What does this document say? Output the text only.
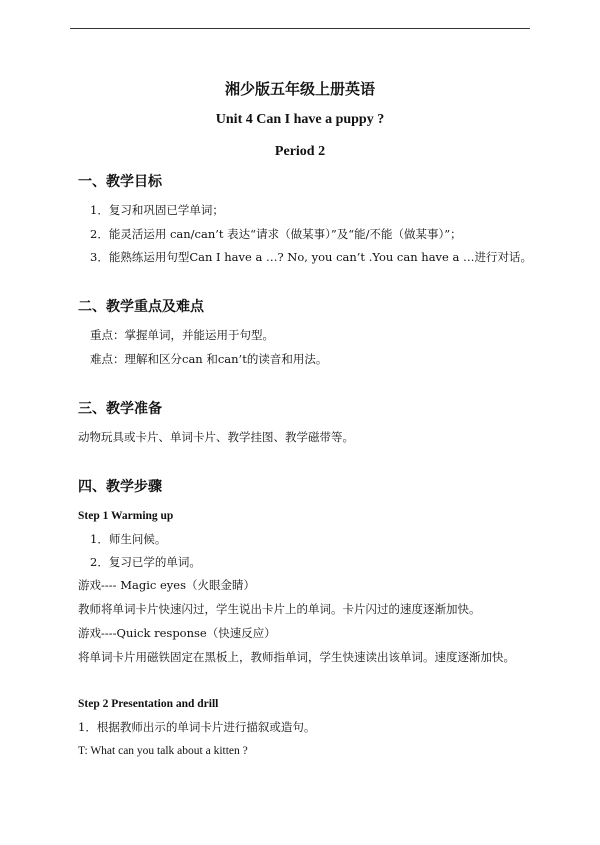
湘少版五年级上册英语
Unit 4 Can I have a puppy ?
Period 2
一、教学目标
1．复习和巩固已学单词；
2．能灵活运用 can/can’t 表达“请求（做某事）”及“能/不能（做某事）”；
3．能熟练运用句型Can I have a …? No, you can’t .You can have a …进行对话。
二、教学重点及难点
重点：掌握单词，并能运用于句型。
难点：理解和区分can 和can’t的读音和用法。
三、教学准备
动物玩具或卡片、单词卡片、教学挂图、教学磁带等。
四、教学步骤
Step 1 Warming up
1．师生问候。
2．复习已学的单词。
游戏---- Magic eyes（火眼金睛）
教师将单词卡片快速闪过，学生说出卡片上的单词。卡片闪过的速度逐渐加快。
游戏----Quick response（快速反应）
将单词卡片用磁铁固定在黑板上，教师指单词，学生快速读出该单词。速度逐渐加快。
Step 2 Presentation and drill
1．根据教师出示的单词卡片进行描叙或造句。
T: What can you talk about a kitten ?
